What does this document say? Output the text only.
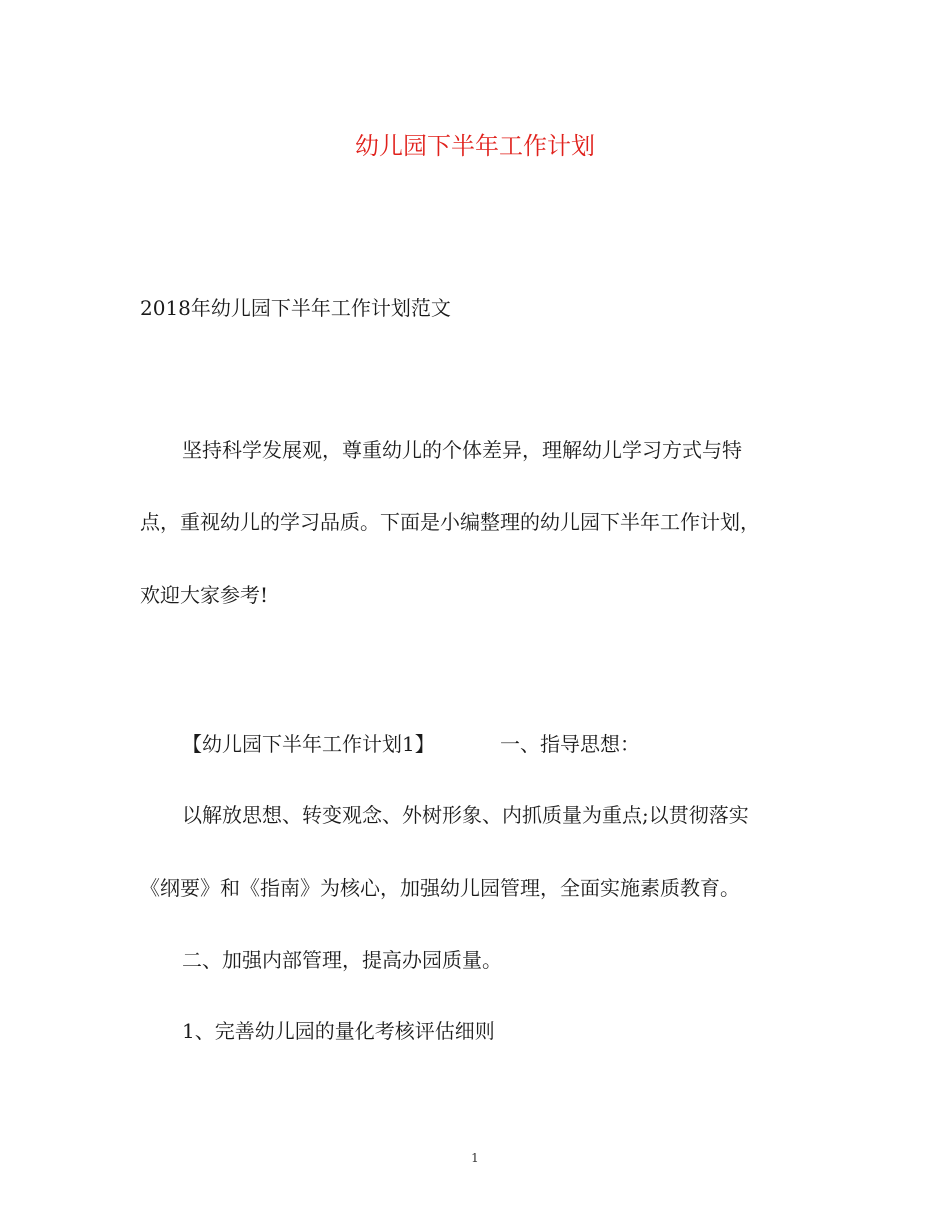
幼儿园下半年工作计划
2018年幼儿园下半年工作计划范文
坚持科学发展观，尊重幼儿的个体差异，理解幼儿学习方式与特
点，重视幼儿的学习品质。下面是小编整理的幼儿园下半年工作计划，
欢迎大家参考!
【幼儿园下半年工作计划1】	一、指导思想：
以解放思想、转变观念、外树形象、内抓质量为重点;以贯彻落实
《纲要》和《指南》为核心，加强幼儿园管理，全面实施素质教育。
二、加强内部管理，提高办园质量。
1、完善幼儿园的量化考核评估细则
1
